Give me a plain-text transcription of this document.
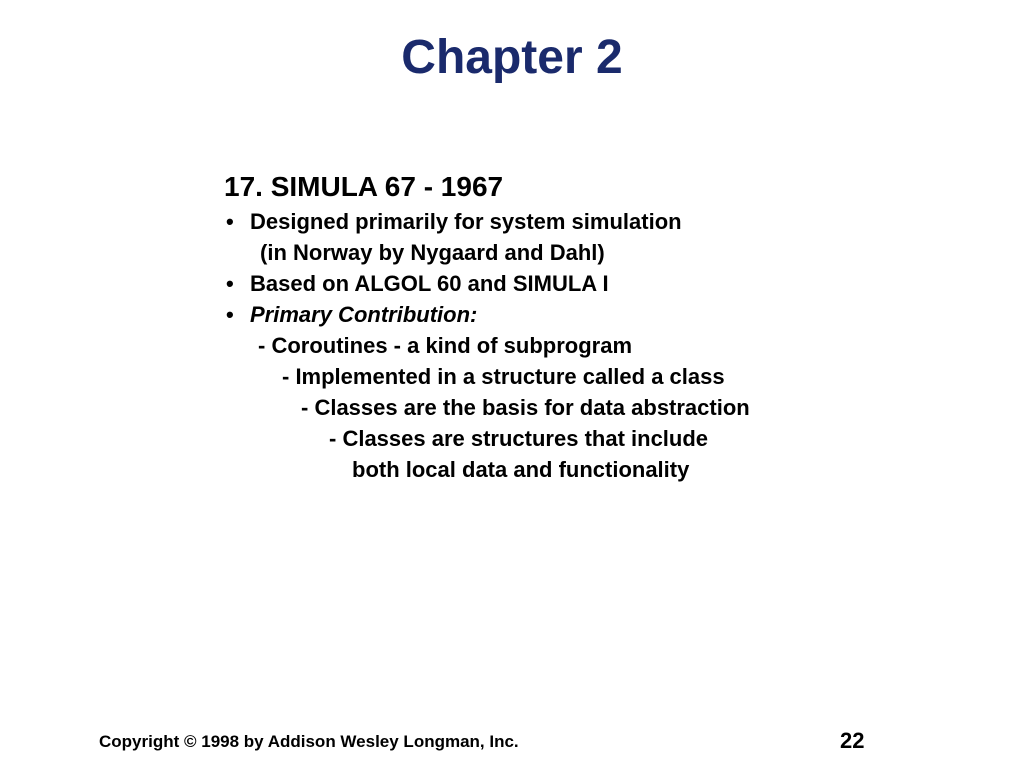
Chapter 2
17. SIMULA 67 - 1967
• Designed primarily for system simulation
(in Norway by Nygaard and Dahl)
• Based on ALGOL 60 and SIMULA I
• Primary Contribution:
- Coroutines - a kind of subprogram
- Implemented in a structure called a class
- Classes are the basis for data abstraction
- Classes are structures that include
both local data and functionality
Copyright © 1998 by Addison Wesley Longman, Inc.	22
